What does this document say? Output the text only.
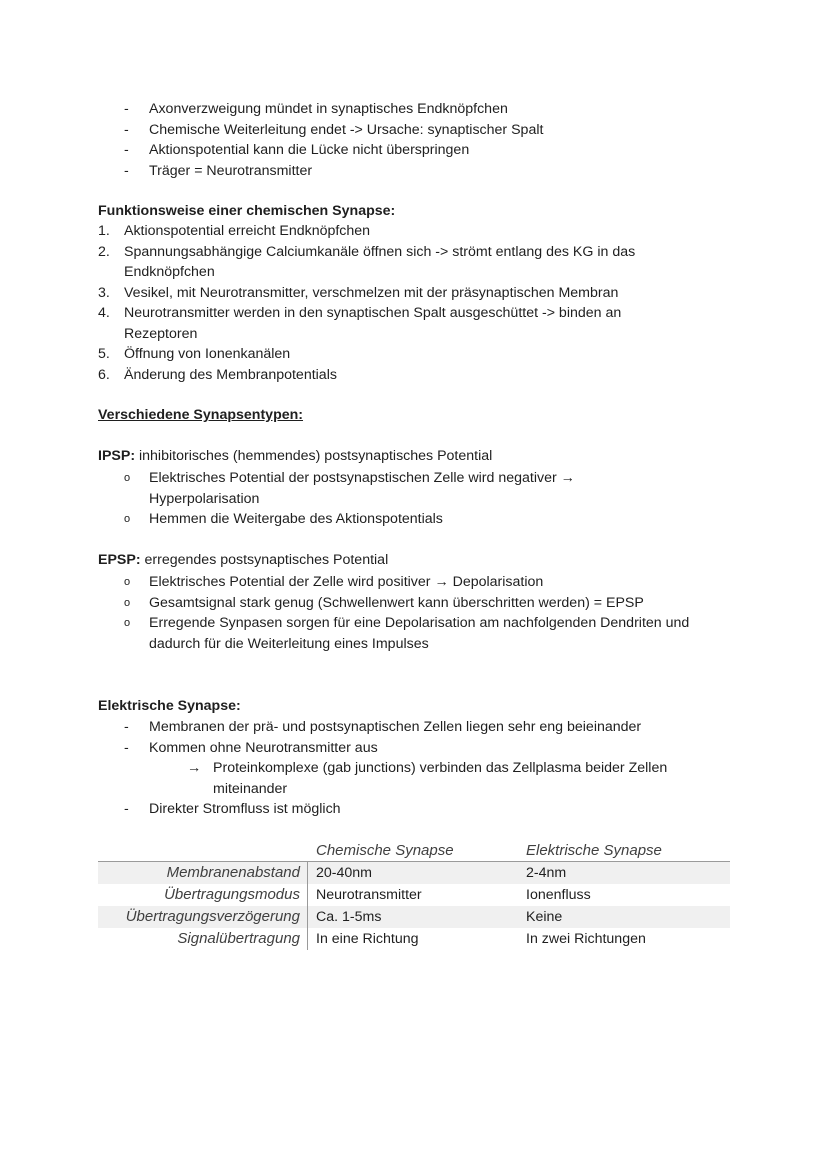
- Axonverzweigung mündet in synaptisches Endknöpfchen
- Chemische Weiterleitung endet -> Ursache: synaptischer Spalt
- Aktionspotential kann die Lücke nicht überspringen
- Träger = Neurotransmitter
Funktionsweise einer chemischen Synapse:
1. Aktionspotential erreicht Endknöpfchen
2. Spannungsabhängige Calciumkanäle öffnen sich -> strömt entlang des KG in das
Endknöpfchen
3. Vesikel, mit Neurotransmitter, verschmelzen mit der präsynaptischen Membran
4. Neurotransmitter werden in den synaptischen Spalt ausgeschüttet -> binden an
Rezeptoren
5. Öffnung von Ionenkanälen
6. Änderung des Membranpotentials
Verschiedene Synapsentypen:
IPSP: inhibitorisches (hemmendes) postsynaptisches Potential
o Elektrisches Potential der postsynapstischen Zelle wird negativer →
Hyperpolarisation
o Hemmen die Weitergabe des Aktionspotentials
EPSP: erregendes postsynaptisches Potential
o Elektrisches Potential der Zelle wird positiver → Depolarisation
o Gesamtsignal stark genug (Schwellenwert kann überschritten werden) = EPSP
o Erregende Synpasen sorgen für eine Depolarisation am nachfolgenden Dendriten und
dadurch für die Weiterleitung eines Impulses
Elektrische Synapse:
- Membranen der prä- und postsynaptischen Zellen liegen sehr eng beieinander
- Kommen ohne Neurotransmitter aus
→ Proteinkomplexe (gab junctions) verbinden das Zellplasma beider Zellen
miteinander
- Direkter Stromfluss ist möglich
Chemische Synapse	Elektrische Synapse
Membranenabstand 20-40nm	2-4nm
Übertragungsmodus Neurotransmitter	Ionenfluss
Übertragungsverzögerung Ca. 1-5ms	Keine
Signalübertragung In eine Richtung	In zwei Richtungen
